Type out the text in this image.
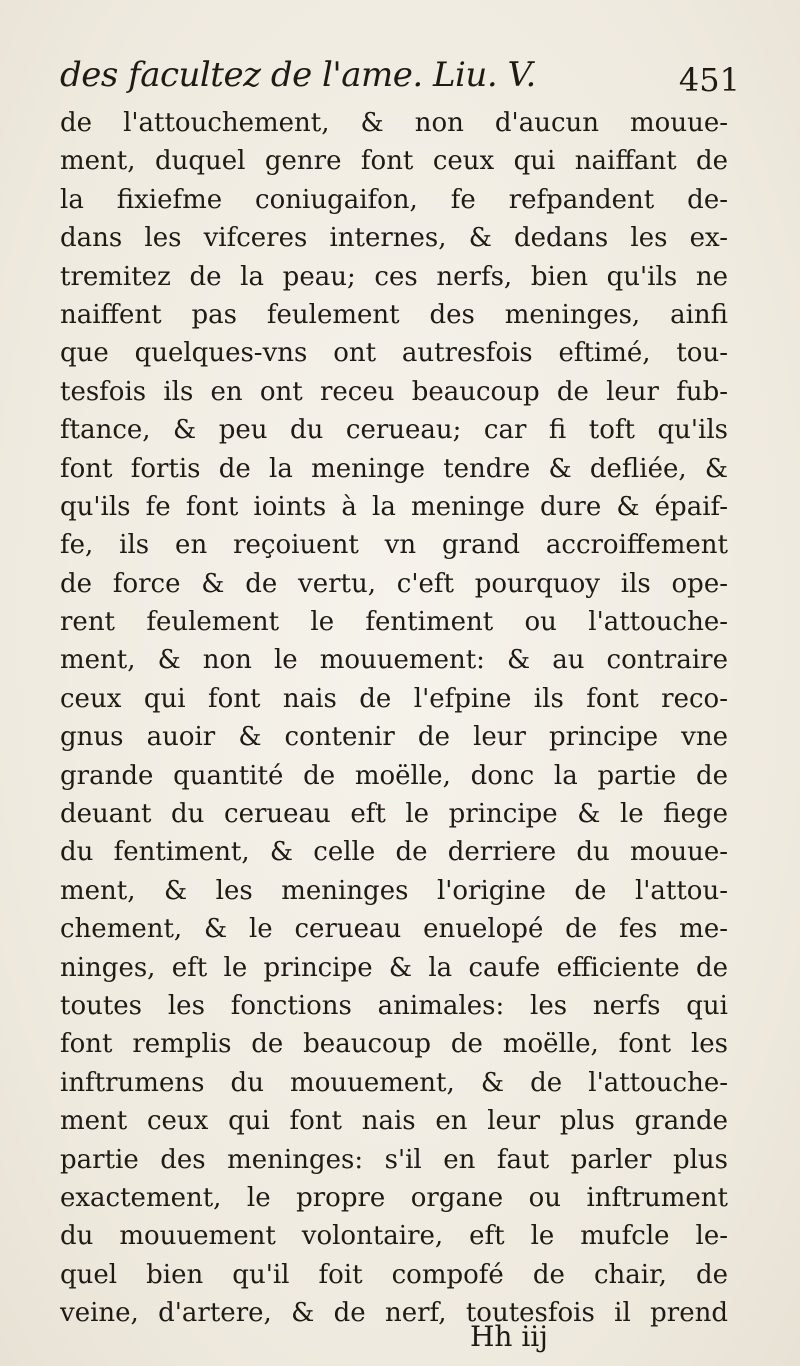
des facultez de l'ame. Liu. V.	451
de l'attouchement, & non d'aucun mouue-
ment, duquel genre font ceux qui naiffant de
la fixiefme coniugaifon, fe refpandent de-
dans les vifceres internes, & dedans les ex-
tremitez de la peau; ces nerfs, bien qu'ils ne
naiffent pas feulement des meninges, ainfi
que quelques-vns ont autresfois eftimé, tou-
tesfois ils en ont receu beaucoup de leur fub-
ftance, & peu du cerueau; car fi toft qu'ils
font fortis de la meninge tendre & defliée, &
qu'ils fe font ioints à la meninge dure & épaif-
fe, ils en reçoiuent vn grand accroiffement
de force & de vertu, c'eft pourquoy ils ope-
rent feulement le fentiment ou l'attouche-
ment, & non le mouuement: & au contraire
ceux qui font nais de l'efpine ils font reco-
gnus auoir & contenir de leur principe vne
grande quantité de moëlle, donc la partie de
deuant du cerueau eft le principe & le fiege
du fentiment, & celle de derriere du mouue-
ment, & les meninges l'origine de l'attou-
chement, & le cerueau enuelopé de fes me-
ninges, eft le principe & la caufe efficiente de
toutes les fonctions animales: les nerfs qui
font remplis de beaucoup de moëlle, font les
inftrumens du mouuement, & de l'attouche-
ment ceux qui font nais en leur plus grande
partie des meninges: s'il en faut parler plus
exactement, le propre organe ou inftrument
du mouuement volontaire, eft le mufcle le-
quel bien qu'il foit compofé de chair, de
veine, d'artere, & de nerf, toutesfois il prend
Hh iij
